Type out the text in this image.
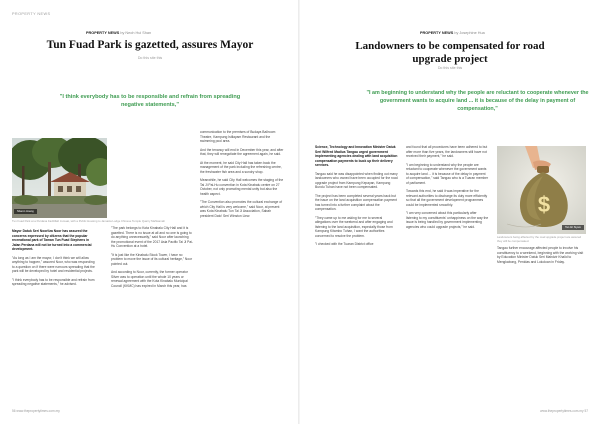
PROPERTY NEWS
PROPERTY NEWS by Neoh Hui Shan
Tun Fuad Park is gazetted, assures Mayor
Do this site this
"I think everybody has to be responsible and refrain from spreading negative statements,"
Sharon Hoang
Tun Fuad Park at a Perdana Fadzillah Jumaat, with a Public Housing to Jamaica Lodge Chinese Temple Quarry Mahkamah

Mayor Datuk Seri Noorliza Noor has assured the concerns expressed by citizens that the popular recreational park of Taman Tun Fuad Stephens in Jalan Perdana will not be turned into a commercial development.

"As long as I am the mayor, I don't think we will allow anything to happen," assured Noor, who was responding to a question on if there were rumours spreading that the park will be developed by hotel and residential projects.

"I think everybody has to be responsible and refrain from spreading negative statements," he advised.

"The park belongs to Kota Kinabalu City Hall and it is gazetted. There is no issue at all and no one is going to do anything unnecessarily," said Noor after launching the promotional event of the 2017 Asia Pacific Tai Ji Pai-Hu Convention at a hotel.

"It is just like the Kinabalu Stock Tower, I have no problem to move the issue of its cultural heritage," Noor pointed out.

And according to Noor, currently, the former operator Silver was to operation until the whole 10 years or renewal agreement with the Kota Kinabalu Municipal Council (KKMC) has expired in March this year, has

communication to the premises of Budaya Ballroom Theatre, Kampung Istilayam Restaurant and the swimming pool area.

And the tenancy will end in December this year, and after that, they will renegotiate the agreement again, he said.

At the moment, he said City Hall has taken back the management of the park including the refreshing centre, the freshwater fish area and a sundry shop.

Meanwhile, he said City Hall welcomes the staging of the Tai Ji Pai-Hu convention in Kota Kinabalu centre on 27 October, not only promoting mental unity but also the health aspect.

"The Convention also promotes the cultural exchange of which City Hall is very welcome," said Noor, at present was Kota Kinabalu Tun Tai Ji Association, Sabah president Dato' Seri Winston Liew.

56 www.thepropertytimes.com.my
PROPERTY NEWS by Josephine Hua
Landowners to be compensated for road upgrade project
Do this site this
"I am beginning to understand why the people are reluctant to cooperate whenever the government wants to acquire land ... it is because of the delay in payment of compensation,"

Science, Technology and Innovation Minister Datuk Seri Wilfred Madius Tangau urged government implementing agencies dealing with land acquisition compensation payments to buck up their delivery services.

Tangau said he was disappointed when finding out many landowners who owned have been occupied for the road upgrade project from Kampung Kepayan, Kampung Bundu Tuhan have not been compensated.

The project has been completed several years back but the issue on the land acquisition compensation payment has turned into a further complaint about the compensation.

"They came up to me asking for me to several allegations over the weekend and after engaging and listening to the land acquisition, especially those from Kampung Kitambo Tuhan, I want the authorities concerned to resolve the problem.

"I checked with the Tuaran District office

and found that all procedures have been adhered to but after more than five years, the landowners still have not received their payment," he said.

"I am beginning to understand why the people are reluctant to cooperate whenever the government wants to acquire land ... it is because of the delay in payment of compensation," said Tangau who is a Tuaran member of parliament.

Towards this end, he said it was imperative for the relevant authorities to discharge its duty more efficiently so that all the government development programmes could be implemented smoothly.

"I am very concerned about this particularly after listening to my constituents' unhappiness on the way the issue is being handled by government implementing agencies who could upgrade projects," he said.

$
Tan Ah Siyam
Landowners being affected by the road upgrade project are assured they will be compensated.

Tangau further encourage affected people to involve his constituency to a weekend, beginning with the working visit by Education Minister Datuk Seri Mahdzir Khalid to Mengkabong, Penidas and Lokoloan in Friday.

www.thepropertytimes.com.my 57
